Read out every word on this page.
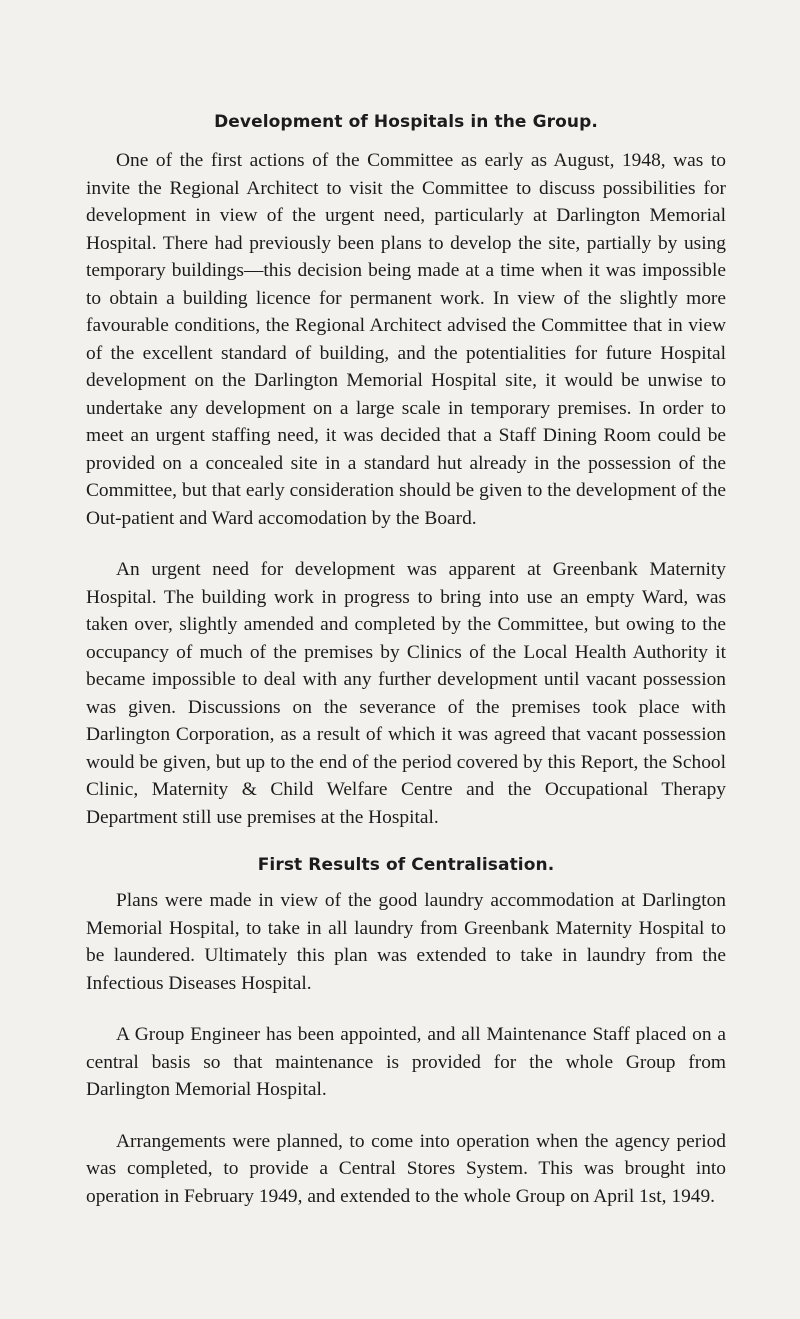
Development of Hospitals in the Group.

One of the first actions of the Committee as early as August, 1948, was to invite the Regional Architect to visit the Committee to discuss possibilities for development in view of the urgent need, particularly at Darlington Memorial Hospital. There had previously been plans to develop the site, partially by using temporary buildings—this decision being made at a time when it was impossible to obtain a building licence for permanent work. In view of the slightly more favourable conditions, the Regional Architect advised the Committee that in view of the excellent standard of building, and the potentialities for future Hospital development on the Darlington Memorial Hospital site, it would be unwise to undertake any development on a large scale in temporary premises. In order to meet an urgent staffing need, it was decided that a Staff Dining Room could be provided on a concealed site in a standard hut already in the possession of the Committee, but that early consideration should be given to the development of the Out-patient and Ward accomodation by the Board.

An urgent need for development was apparent at Greenbank Maternity Hospital. The building work in progress to bring into use an empty Ward, was taken over, slightly amended and completed by the Committee, but owing to the occupancy of much of the premises by Clinics of the Local Health Authority it became impossible to deal with any further development until vacant possession was given. Discussions on the severance of the premises took place with Darlington Corporation, as a result of which it was agreed that vacant possession would be given, but up to the end of the period covered by this Report, the School Clinic, Maternity & Child Welfare Centre and the Occupational Therapy Department still use premises at the Hospital.

First Results of Centralisation.

Plans were made in view of the good laundry accommodation at Darlington Memorial Hospital, to take in all laundry from Greenbank Maternity Hospital to be laundered. Ultimately this plan was extended to take in laundry from the Infectious Diseases Hospital.

A Group Engineer has been appointed, and all Maintenance Staff placed on a central basis so that maintenance is provided for the whole Group from Darlington Memorial Hospital.

Arrangements were planned, to come into operation when the agency period was completed, to provide a Central Stores System. This was brought into operation in February 1949, and extended to the whole Group on April 1st, 1949.
